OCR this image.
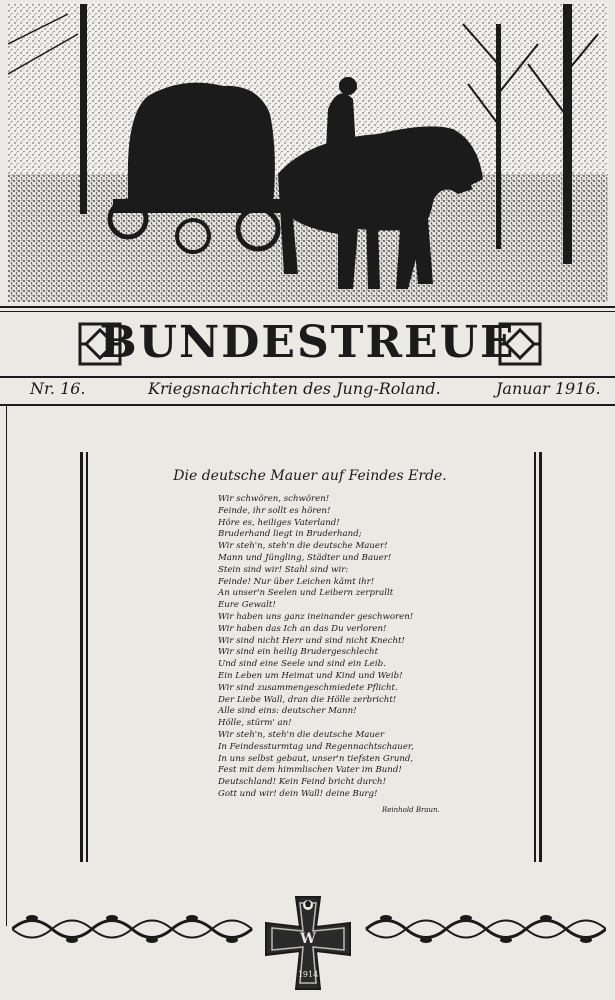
BUNDESTREUE
Nr. 16.	Kriegsnachrichten des Jung-Roland.	Januar 1916.
Die deutsche Mauer auf Feindes Erde.
Wir schwören, schwören!
Feinde, ihr sollt es hören!
Höre es, heiliges Vaterland!
Bruderhand liegt in Bruderhand;
Wir steh'n, steh'n die deutsche Mauer!
Mann und Jüngling, Städter und Bauer!
Stein sind wir! Stahl sind wir:
Feinde! Nur über Leichen kämt ihr!
An unser'n Seelen und Leibern zerprallt
Eure Gewalt!
Wir haben uns ganz ineinander geschworen!
Wir haben das Ich an das Du verloren!
Wir sind nicht Herr und sind nicht Knecht!
Wir sind ein heilig Brudergeschlecht
Und sind eine Seele und sind ein Leib.
Ein Leben um Heimat und Kind und Weib!
Wir sind zusammengeschmiedete Pflicht.
Der Liebe Wall, dran die Hölle zerbricht!
Alle sind eins: deutscher Mann!
Hölle, stürm' an!
Wir steh'n, steh'n die deutsche Mauer
In Feindessturmtag und Regennachtschauer,
In uns selbst gebaut, unser'n tiefsten Grund,
Fest mit dem himmlischen Vater im Bund!
Deutschland! Kein Feind bricht durch!
Gott und wir! dein Wall! deine Burg!
Reinhold Braun.
W
1914
